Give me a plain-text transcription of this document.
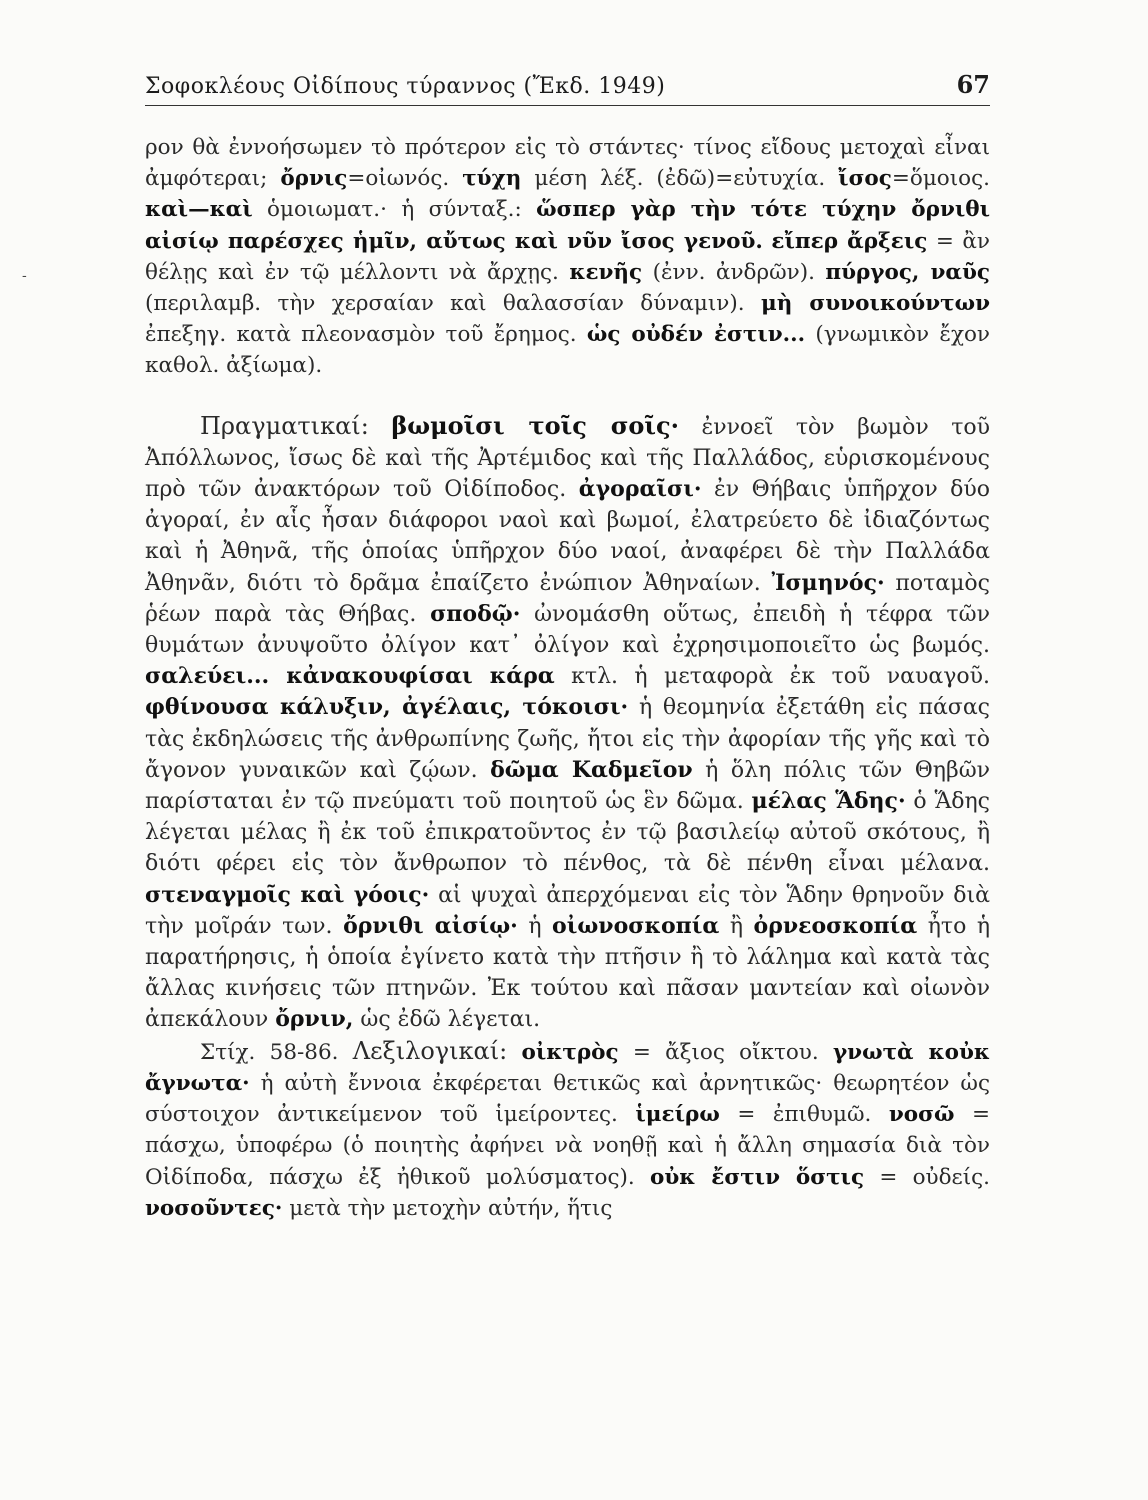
‑
Σοφοκλέους Οἰδίπους τύραννος (Ἔκδ. 1949)	67

ρον θὰ ἐννοήσωμεν τὸ πρότερον εἰς τὸ στάντες· τίνος εἴδους μετοχαὶ εἶναι ἀμφότεραι; ὄρνις=οἰωνός. τύχη μέση λέξ. (ἐδῶ)=εὐτυχία. ἴσος=ὅμοιος. καὶ—καὶ ὁμοιωματ.· ἡ σύνταξ.: ὥσπερ γὰρ τὴν τότε τύχην ὄρνιθι αἰσίῳ παρέσχες ἡμῖν, αὔτως καὶ νῦν ἴσος γενοῦ. εἴπερ ἄρξεις = ἂν θέλῃς καὶ ἐν τῷ μέλλοντι νὰ ἄρχῃς. κενῆς (ἐνν. ἀνδρῶν). πύργος, ναῦς (περιλαμβ. τὴν χερσαίαν καὶ θαλασσίαν δύναμιν). μὴ συνοικούντων ἐπεξηγ. κατὰ πλεονασμὸν τοῦ ἔρημος. ὡς οὐδέν ἐστιν... (γνωμικὸν ἔχον καθολ. ἀξίωμα).

Πραγματικαί: βωμοῖσι τοῖς σοῖς· ἐννοεῖ τὸν βωμὸν τοῦ Ἀπόλλωνος, ἴσως δὲ καὶ τῆς Ἀρτέμιδος καὶ τῆς Παλλάδος, εὑρισκομένους πρὸ τῶν ἀνακτόρων τοῦ Οἰδίποδος. ἀγοραῖσι· ἐν Θήβαις ὑπῆρχον δύο ἀγοραί, ἐν αἷς ἦσαν διάφοροι ναοὶ καὶ βωμοί, ἐλατρεύετο δὲ ἰδιαζόντως καὶ ἡ Ἀθηνᾶ, τῆς ὁποίας ὑπῆρχον δύο ναοί, ἀναφέρει δὲ τὴν Παλλάδα Ἀθηνᾶν, διότι τὸ δρᾶμα ἐπαίζετο ἐνώπιον Ἀθηναίων. Ἰσμηνός· ποταμὸς ῥέων παρὰ τὰς Θήβας. σποδῷ· ὠνομάσθη οὕτως, ἐπειδὴ ἡ τέφρα τῶν θυμάτων ἀνυψοῦτο ὀλίγον κατ᾿ ὀλίγον καὶ ἐχρησιμοποιεῖτο ὡς βωμός. σαλεύει... κἀνακουφίσαι κάρα κτλ. ἡ μεταφορὰ ἐκ τοῦ ναυαγοῦ. φθίνουσα κάλυξιν, ἀγέλαις, τόκοισι· ἡ θεομηνία ἐξετάθη εἰς πάσας τὰς ἐκδηλώσεις τῆς ἀνθρωπίνης ζωῆς, ἤτοι εἰς τὴν ἀφορίαν τῆς γῆς καὶ τὸ ἄγονον γυναικῶν καὶ ζῴων. δῶμα Καδμεῖον ἡ ὅλη πόλις τῶν Θηβῶν παρίσταται ἐν τῷ πνεύματι τοῦ ποιητοῦ ὡς ἓν δῶμα. μέλας Ἅδης· ὁ Ἅδης λέγεται μέλας ἢ ἐκ τοῦ ἐπικρατοῦντος ἐν τῷ βασιλείῳ αὐτοῦ σκότους, ἢ διότι φέρει εἰς τὸν ἄνθρωπον τὸ πένθος, τὰ δὲ πένθη εἶναι μέλανα. στεναγμοῖς καὶ γόοις· αἱ ψυχαὶ ἀπερχόμεναι εἰς τὸν Ἅδην θρηνοῦν διὰ τὴν μοῖράν των. ὄρνιθι αἰσίῳ· ἡ οἰωνοσκοπία ἢ ὀρνεοσκοπία ἦτο ἡ παρατήρησις, ἡ ὁποία ἐγίνετο κατὰ τὴν πτῆσιν ἢ τὸ λάλημα καὶ κατὰ τὰς ἄλλας κινήσεις τῶν πτηνῶν. Ἐκ τούτου καὶ πᾶσαν μαντείαν καὶ οἰωνὸν ἀπεκάλουν ὄρνιν, ὡς ἐδῶ λέγεται.

Στίχ. 58-86. Λεξιλογικαί: οἰκτρὸς = ἄξιος οἴκτου. γνωτὰ κοὐκ ἄγνωτα· ἡ αὐτὴ ἔννοια ἐκφέρεται θετικῶς καὶ ἀρνητικῶς· θεωρητέον ὡς σύστοιχον ἀντικείμενον τοῦ ἱμείροντες. ἱμείρω = ἐπιθυμῶ. νοσῶ = πάσχω, ὑποφέρω (ὁ ποιητὴς ἀφήνει νὰ νοηθῇ καὶ ἡ ἄλλη σημασία διὰ τὸν Οἰδίποδα, πάσχω ἐξ ἠθικοῦ μολύσματος). οὐκ ἔστιν ὅστις = οὐδείς. νοσοῦντες· μετὰ τὴν μετοχὴν αὐτήν, ἥτις
